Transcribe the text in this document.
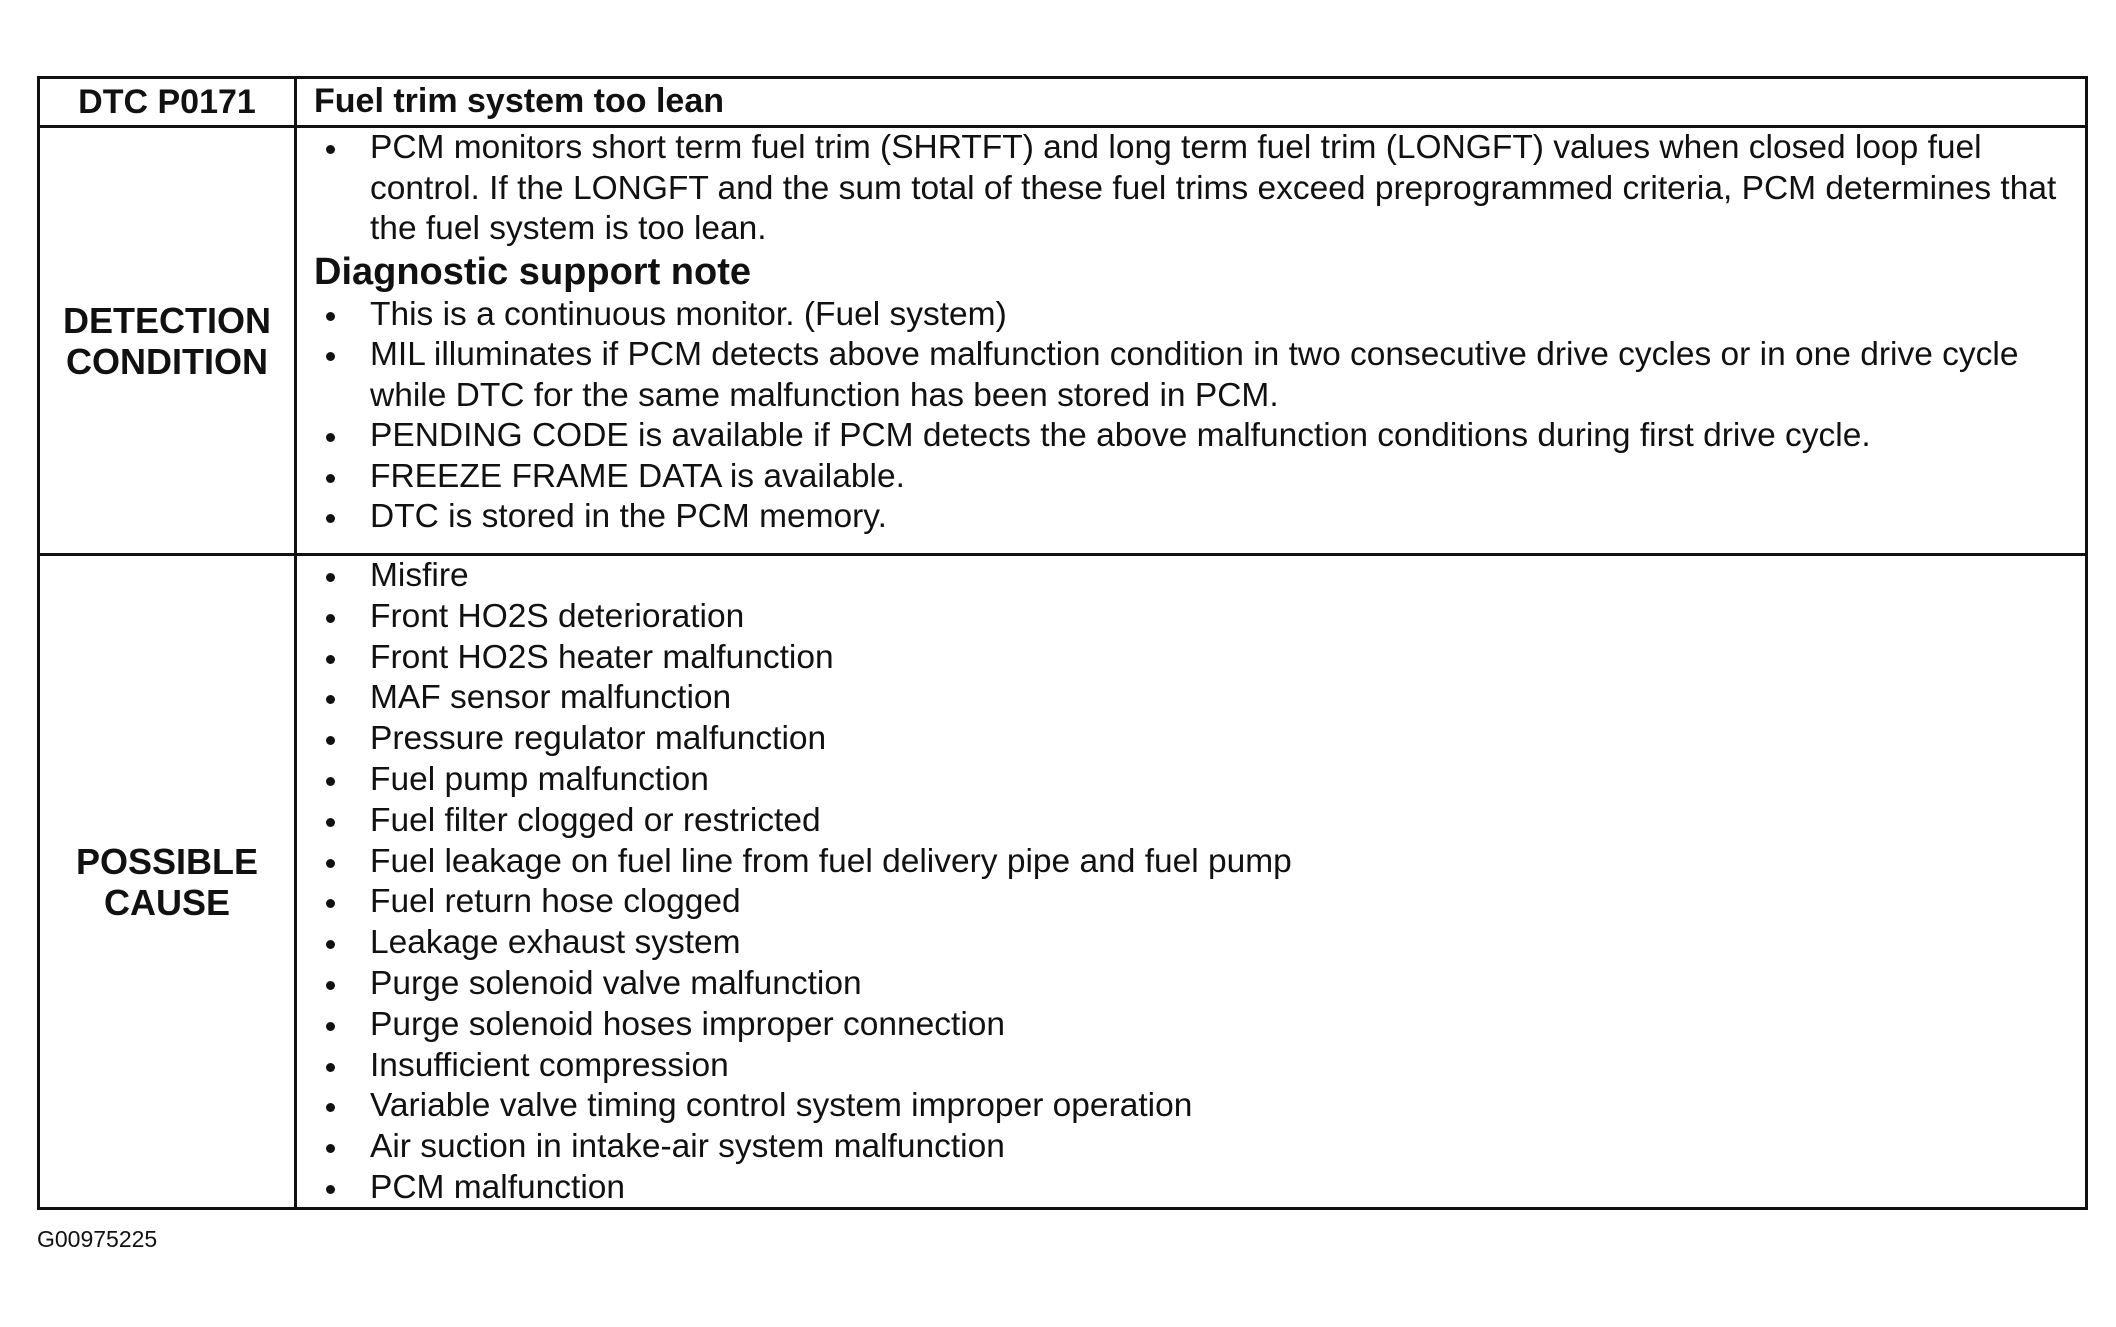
DTC P0171 Fuel trim system too lean
DETECTION
CONDITION
PCM monitors short term fuel trim (SHRTFT) and long term fuel trim (LONGFT) values when closed loop fuel control. If the LONGFT and the sum total of these fuel trims exceed preprogrammed criteria, PCM determines that the fuel system is too lean.
Diagnostic support note
This is a continuous monitor. (Fuel system)
MIL illuminates if PCM detects above malfunction condition in two consecutive drive cycles or in one drive cycle while DTC for the same malfunction has been stored in PCM.
PENDING CODE is available if PCM detects the above malfunction conditions during first drive cycle.
FREEZE FRAME DATA is available.
DTC is stored in the PCM memory.
POSSIBLE
CAUSE
Misfire
Front HO2S deterioration
Front HO2S heater malfunction
MAF sensor malfunction
Pressure regulator malfunction
Fuel pump malfunction
Fuel filter clogged or restricted
Fuel leakage on fuel line from fuel delivery pipe and fuel pump
Fuel return hose clogged
Leakage exhaust system
Purge solenoid valve malfunction
Purge solenoid hoses improper connection
Insufficient compression
Variable valve timing control system improper operation
Air suction in intake-air system malfunction
PCM malfunction
G00975225
